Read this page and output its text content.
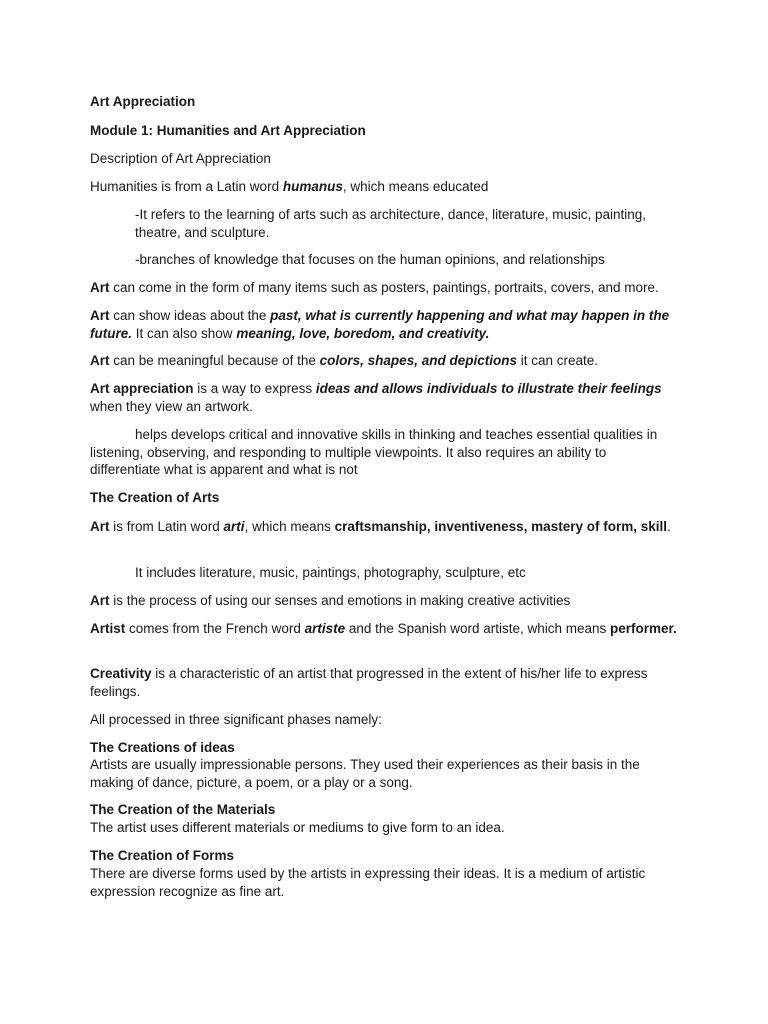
Art Appreciation

Module 1: Humanities and Art Appreciation

Description of Art Appreciation

Humanities is from a Latin word humanus, which means educated

-It refers to the learning of arts such as architecture, dance, literature, music, painting, theatre, and sculpture.

-branches of knowledge that focuses on the human opinions, and relationships

Art can come in the form of many items such as posters, paintings, portraits, covers, and more.

Art can show ideas about the past, what is currently happening and what may happen in the future. It can also show meaning, love, boredom, and creativity.

Art can be meaningful because of the colors, shapes, and depictions it can create.

Art appreciation is a way to express ideas and allows individuals to illustrate their feelings when they view an artwork.

helps develops critical and innovative skills in thinking and teaches essential qualities in listening, observing, and responding to multiple viewpoints. It also requires an ability to differentiate what is apparent and what is not

The Creation of Arts

Art is from Latin word arti, which means craftsmanship, inventiveness, mastery of form, skill.

It includes literature, music, paintings, photography, sculpture, etc

Art is the process of using our senses and emotions in making creative activities

Artist comes from the French word artiste and the Spanish word artiste, which means performer.

Creativity is a characteristic of an artist that progressed in the extent of his/her life to express feelings.

All processed in three significant phases namely:

The Creations of ideas

Artists are usually impressionable persons. They used their experiences as their basis in the making of dance, picture, a poem, or a play or a song.

The Creation of the Materials

The artist uses different materials or mediums to give form to an idea.

The Creation of Forms

There are diverse forms used by the artists in expressing their ideas. It is a medium of artistic expression recognize as fine art.
